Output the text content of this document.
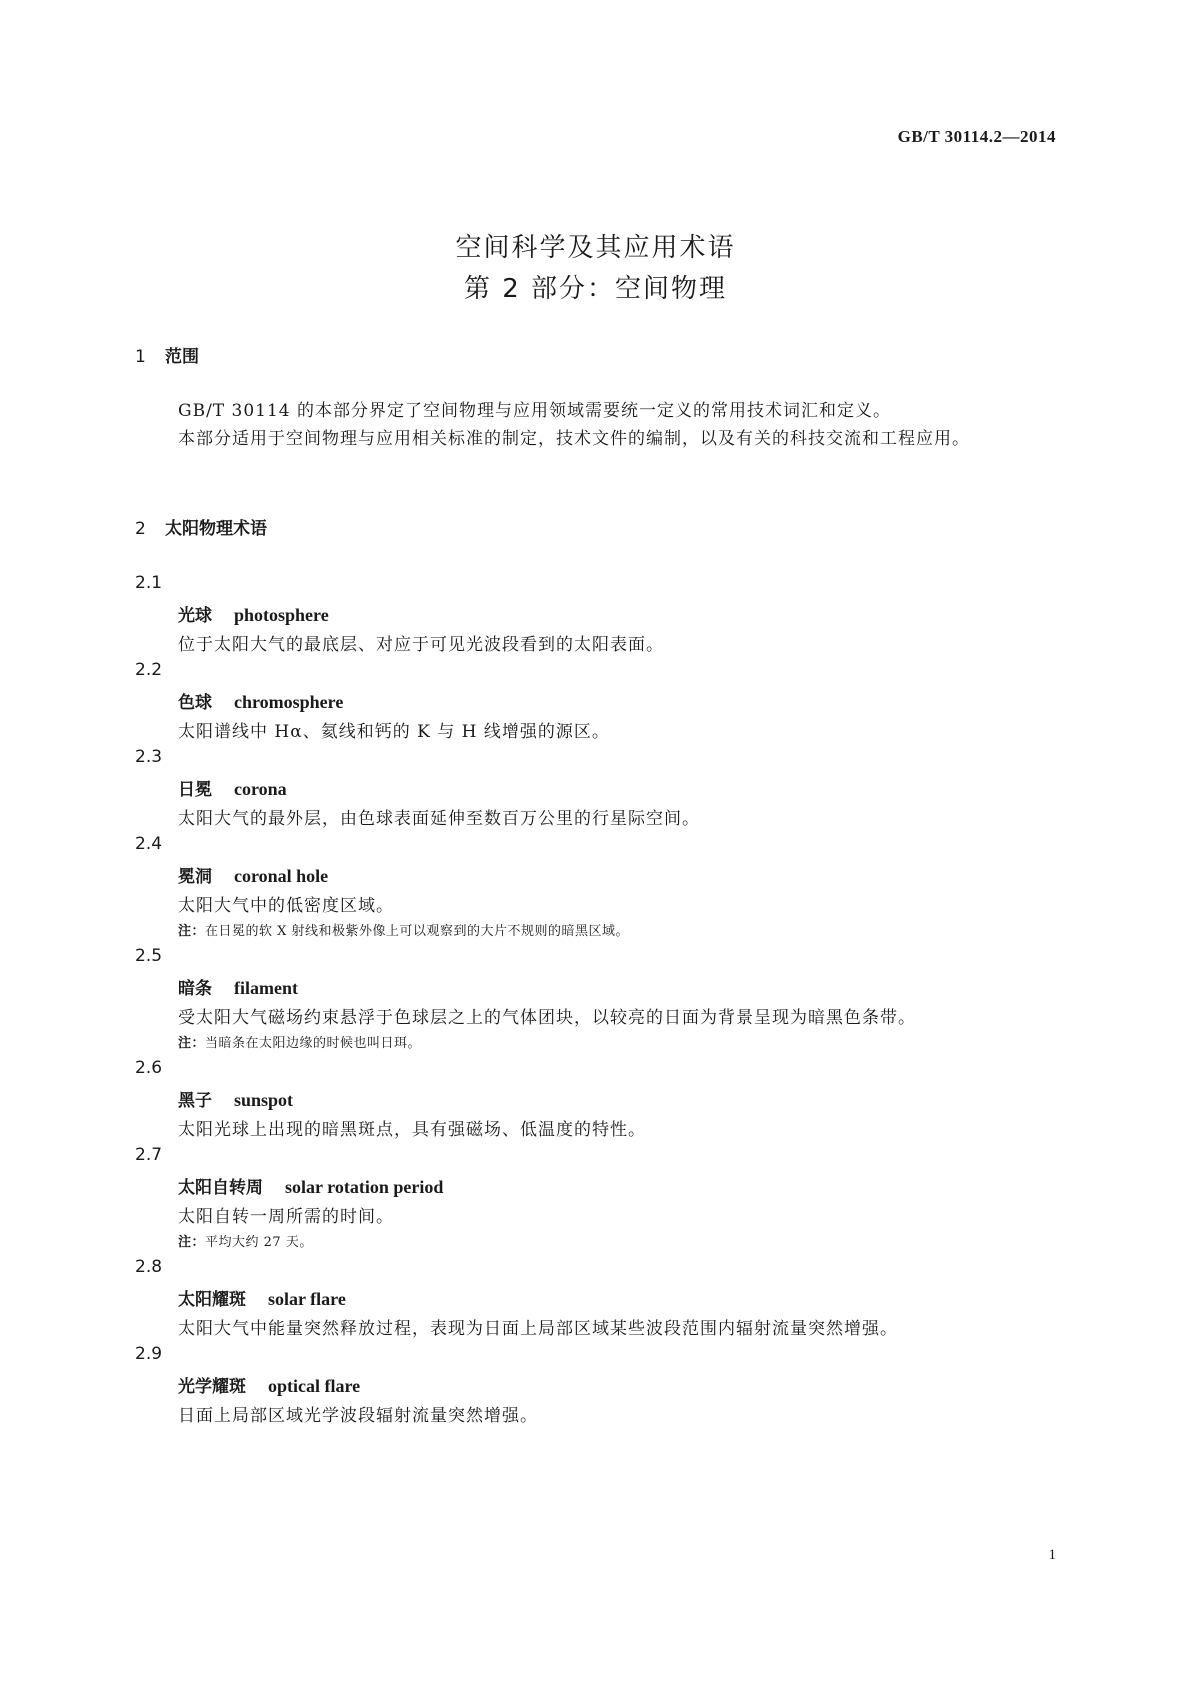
GB/T 30114.2—2014
空间科学及其应用术语
第 2 部分：空间物理
1 范围
GB/T 30114 的本部分界定了空间物理与应用领域需要统一定义的常用技术词汇和定义。
本部分适用于空间物理与应用相关标准的制定，技术文件的编制，以及有关的科技交流和工程应用。
2 太阳物理术语
2.1
光球 photosphere
位于太阳大气的最底层、对应于可见光波段看到的太阳表面。
2.2
色球 chromosphere
太阳谱线中 Hα、氦线和钙的 K 与 H 线增强的源区。
2.3
日冕 corona
太阳大气的最外层，由色球表面延伸至数百万公里的行星际空间。
2.4
冕洞 coronal hole
太阳大气中的低密度区域。
注：在日冕的软 X 射线和极紫外像上可以观察到的大片不规则的暗黑区域。
2.5
暗条 filament
受太阳大气磁场约束悬浮于色球层之上的气体团块，以较亮的日面为背景呈现为暗黑色条带。
注：当暗条在太阳边缘的时候也叫日珥。
2.6
黑子 sunspot
太阳光球上出现的暗黑斑点，具有强磁场、低温度的特性。
2.7
太阳自转周 solar rotation period
太阳自转一周所需的时间。
注：平均大约 27 天。
2.8
太阳耀斑 solar flare
太阳大气中能量突然释放过程，表现为日面上局部区域某些波段范围内辐射流量突然增强。
2.9
光学耀斑 optical flare
日面上局部区域光学波段辐射流量突然增强。
1
